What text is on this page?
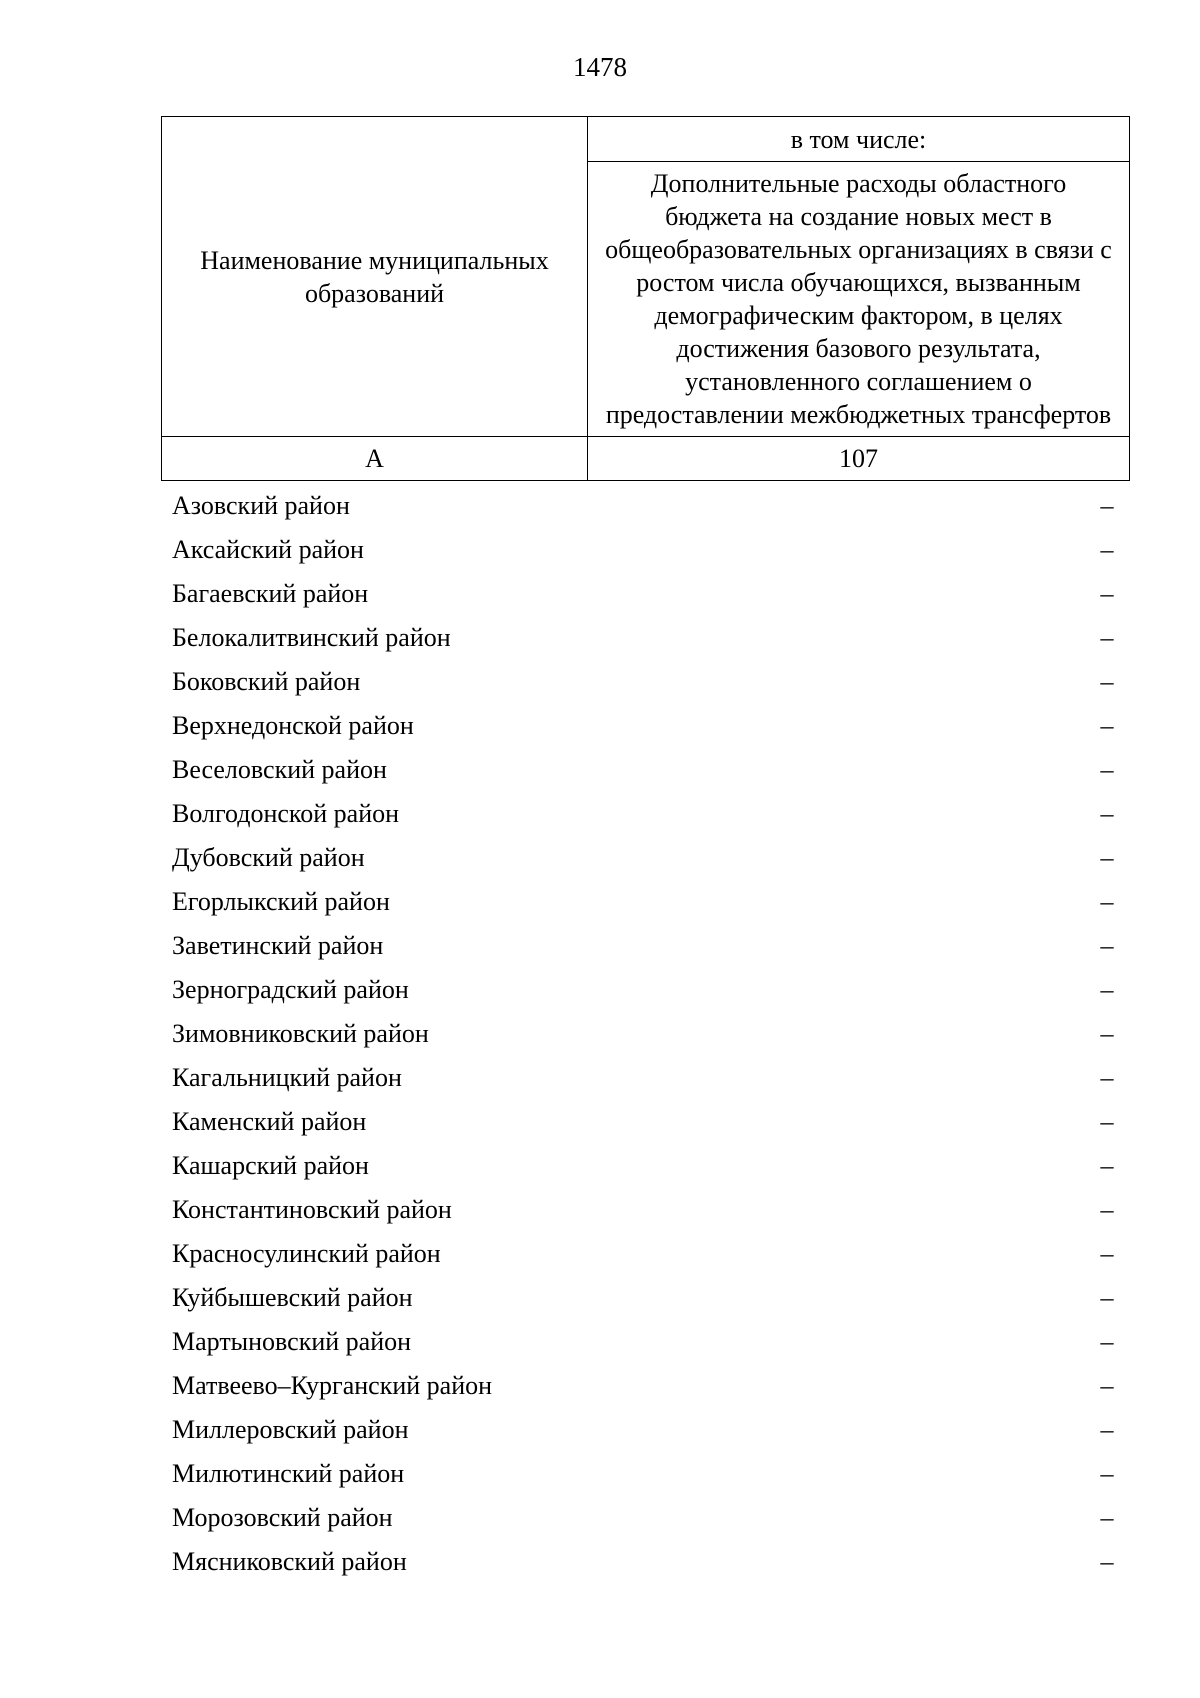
1478
Наименование муниципальных образований	в том числе:
	Дополнительные расходы областного бюджета на создание новых мест в общеобразовательных организациях в связи с ростом числа обучающихся, вызванным демографическим фактором, в целях достижения базового результата, установленного соглашением о предоставлении межбюджетных трансфертов
А	107
Азовский район	–
Аксайский район	–
Багаевский район	–
Белокалитвинский район	–
Боковский район	–
Верхнедонской район	–
Веселовский район	–
Волгодонской район	–
Дубовский район	–
Егорлыкский район	–
Заветинский район	–
Зерноградский район	–
Зимовниковский район	–
Кагальницкий район	–
Каменский район	–
Кашарский район	–
Константиновский район	–
Красносулинский район	–
Куйбышевский район	–
Мартыновский район	–
Матвеево–Курганский район	–
Миллеровский район	–
Милютинский район	–
Морозовский район	–
Мясниковский район	–
